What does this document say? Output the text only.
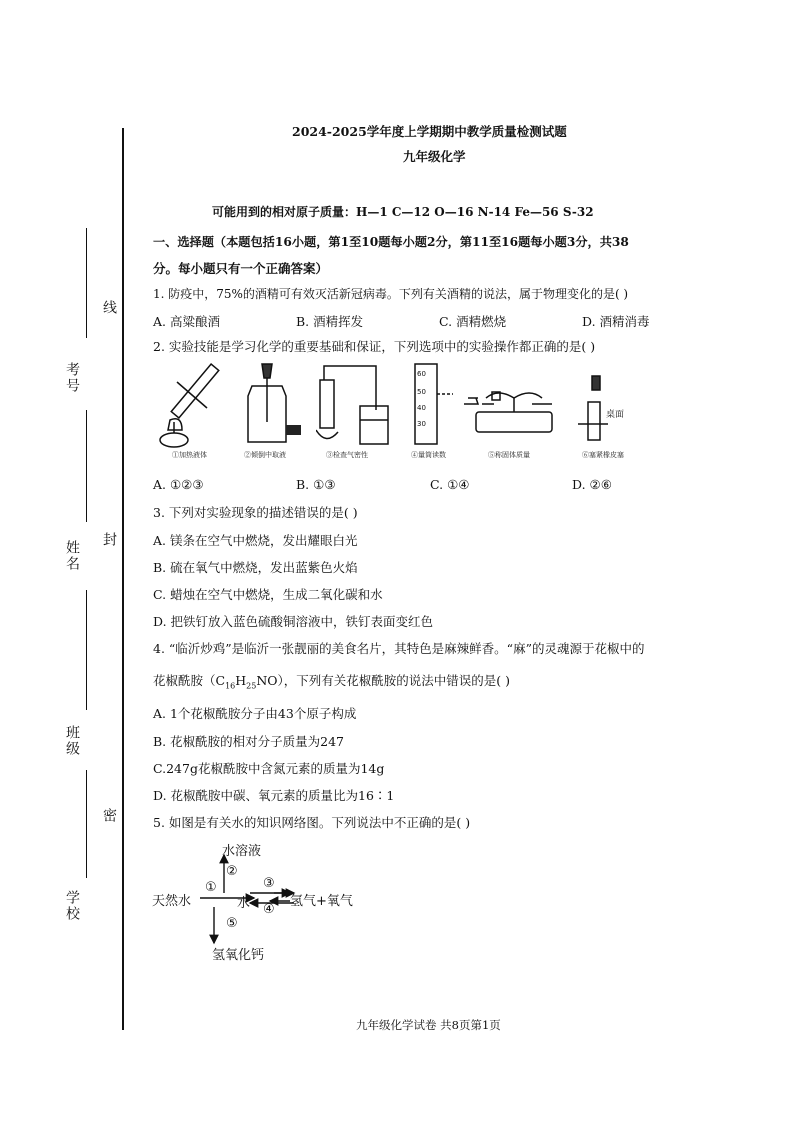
考号
姓名
班级
学校
线
封
密
2024-2025学年度上学期期中教学质量检测试题
九年级化学
可能用到的相对原子质量：H—1 C—12 O—16 N-14 Fe—56 S-32
一、选择题（本题包括16小题，第1至10题每小题2分，第11至16题每小题3分，共38
分。每小题只有一个正确答案）
1. 防疫中，75%的酒精可有效灭活新冠病毒。下列有关酒精的说法，属于物理变化的是( )
A. 高粱酿酒	B. 酒精挥发	C. 酒精燃烧	D. 酒精消毒
2. 实验技能是学习化学的重要基础和保证，下列选项中的实验操作都正确的是( )
60
50
40
30
桌面
①加热液体	②倾倒中取液	③检查气密性	④量筒读数	⑤称固体质量	⑥塞紧橡皮塞
A. ①②③	B. ①③	C. ①④	D. ②⑥
3. 下列对实验现象的描述错误的是( )
A. 镁条在空气中燃烧，发出耀眼白光
B. 硫在氧气中燃烧，发出蓝紫色火焰
C. 蜡烛在空气中燃烧，生成二氧化碳和水
D. 把铁钉放入蓝色硫酸铜溶液中，铁钉表面变红色
4. “临沂炒鸡”是临沂一张靓丽的美食名片，其特色是麻辣鲜香。“麻”的灵魂源于花椒中的
花椒酰胺$(C_{16}H_{25}NO)$，下列有关花椒酰胺的说法中错误的是( )
A. 1个花椒酰胺分子由43个原子构成
B. 花椒酰胺的相对分子质量为247
C.247g花椒酰胺中含氮元素的质量为14g
D. 花椒酰胺中碳、氧元素的质量比为16∶1
5. 如图是有关水的知识网络图。下列说法中不正确的是( )
水溶液
天然水
①
②
水
③
④
氢气+氧气
⑤
氢氧化钙
九年级化学试卷 共8页第1页
